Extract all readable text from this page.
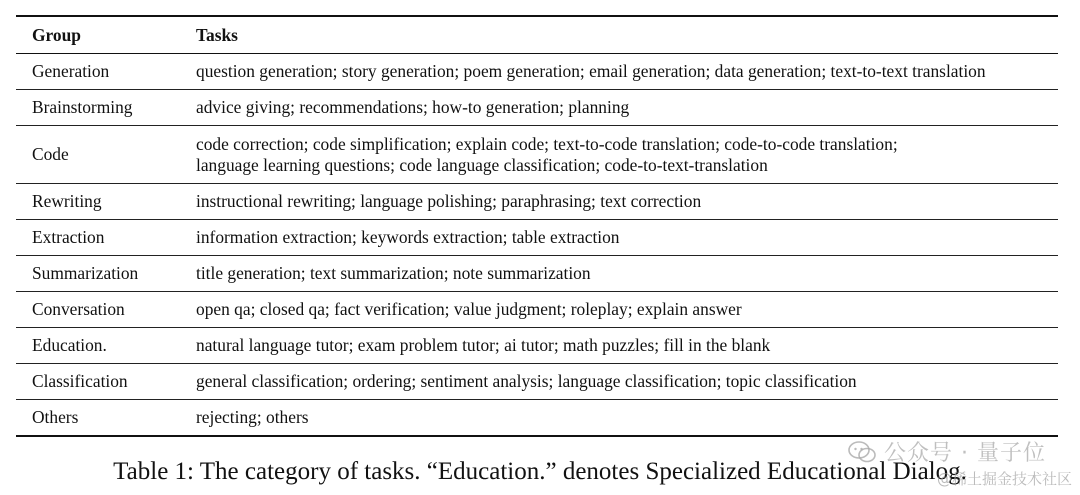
Group	Tasks
Generation	question generation; story generation; poem generation; email generation; data generation; text-to-text translation

Brainstorming	advice giving; recommendations; how-to generation; planning

Code	code correction; code simplification; explain code; text-to-code translation; code-to-code translation;
language learning questions; code language classification; code-to-text-translation

Rewriting	instructional rewriting; language polishing; paraphrasing; text correction

Extraction	information extraction; keywords extraction; table extraction

Summarization	title generation; text summarization; note summarization

Conversation	open qa; closed qa; fact verification; value judgment; roleplay; explain answer

Education.	natural language tutor; exam problem tutor; ai tutor; math puzzles; fill in the blank

Classification	general classification; ordering; sentiment analysis; language classification; topic classification

Others	rejecting; others
Table 1: The category of tasks. “Education.” denotes Specialized Educational Dialog.
公众号 · 量子位
@稀土掘金技术社区
